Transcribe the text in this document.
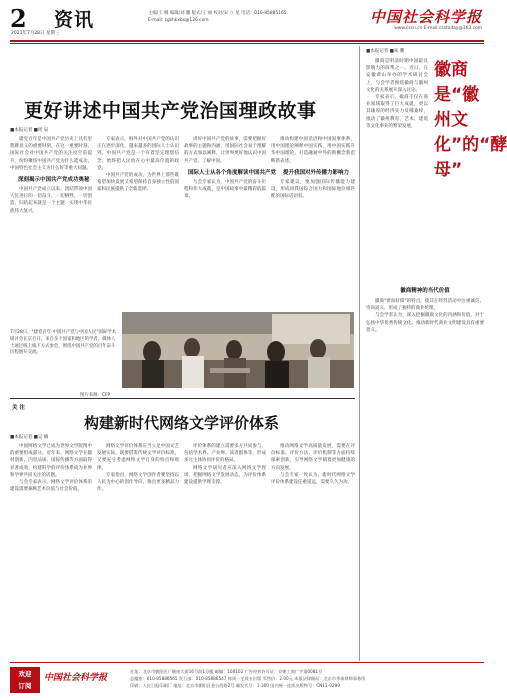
2
2021年7月28日 星期三
资讯	主编/王 娜 编辑/刘 鹏 版式/王 丽 校对/宋 立 星 电话：010-85885165
E-mail: zgshkxbs@126.com	中国社会科学报
www.cssn.cn E-mail:csstoday@163.com
更好讲述中国共产党治国理政故事
■本报记者 ■周 辰

建党百年是中国共产党历史上具有里程碑意义的重要时刻。在这一重要时刻，国际社会对中国共产党的关注度空前提升，纷纷聚焦中国共产党为什么能成功、中国特色社会主义为什么好等重大问题。

深刻揭示中国共产党成功奥秘

中国共产党成立以来，团结带领中国人民进行的一切奋斗、一切牺牲、一切创造，归结起来就是一个主题：实现中华民族伟大复兴。

专家表示，海外对中国共产党的认识正在逐步深化。越来越多的国际人士认识到，中国共产党是一个有着坚定理想信念、始终把人民放在心中最高位置的政党。

中国共产党的成功，为世界上那些既希望加快发展又希望保持自身独立性的国家和民族提供了全新选择。

讲好中国共产党的故事，需要把握好故事的主题和内涵，用国际社会易于理解的方式加以阐释，让世界更好地认识中国共产党、了解中国。

国际人士从各个角度解读中国共产党

与会专家认为，中国共产党的奋斗历程和伟大成就，是中国故事中最精彩的篇章。

推动构建中国话语和中国叙事体系，用中国理论阐释中国实践，用中国实践升华中国理论，打造融通中外的新概念新范畴新表述。

提升我国对外传播力影响力

专家建议，要加强国际传播能力建设，形成同我国综合国力和国际地位相匹配的国际话语权。

7月28日，"建党百年·中国共产党与中国人民"国际学术研讨会在京召开。来自多个国家和地区的学者、媒体人士通过线上线下方式参会，围绕中国共产党的百年奋斗历程展开交流。
图片来源：CFP
关 注
构建新时代网络文学评价体系
■本报记者 ■吴 楠

中国网络文学已成为世界文学版图中的重要组成部分。近年来，网络文学在题材创新、内容品质、国际传播等方面取得显著成效，构建科学的评价体系成为业界和学界共同关注的话题。

与会专家表示，网络文学评价体系的建设需要兼顾艺术价值与社会价值。

网络文学评价体系应当立足中国文艺发展实际，既要借鉴传统文学评价标准，又要充分考虑网络文学自身的特点和规律。

专家指出，网络文学创作者要坚持以人民为中心的创作导向，推出更多精品力作。

评价体系的建立需要多方共同参与，包括学术界、产业界、读者群体等，形成多元主体协同评价的格局。

网络文学研究者应深入网络文学现场，把握网络文学发展动态，为评价体系建设提供学理支撑。

推动网络文学高质量发展，需要在评价标准、评价方法、评价机制等方面持续探索创新，引导网络文学朝着更加健康的方向发展。

与会专家一致认为，新时代网络文学评价体系建设任重道远，需要久久为功。

■本报记者 ■朱 鹏
徽商是“徽州文化”的“酵母”

徽商是明清时期中国最具影响力的商帮之一。近日，在安徽黄山举办的学术研讨会上，与会学者围绕徽商与徽州文化的关系展开深入讨论。

专家表示，徽商不仅在商业领域取得了巨大成就，更以其雄厚的经济实力反哺桑梓，推动了徽州教育、艺术、建筑等文化事业的繁荣发展。

徽商精神的当代价值

徽商"贾而好儒"的特点，使其在经营活动中注重诚信、崇尚道义，形成了独特的商业伦理。

与会学者认为，深入挖掘徽商文化的内涵和价值，对于弘扬中华优秀传统文化、推动新时代商业文明建设具有重要意义。

欢迎
订阅
中国社会科学报
社址：北京市朝阳区广顺南大街16号院1号楼 邮编：100102 广告经营许可证：京朝工商广字第0081号
总编室：010-85886565 发行部：010-85886547 每周一至周五出版 零售价：2.00元 本报法律顾问：北京市华泰律师事务所
印刷：人民日报印刷厂 地址：北京市朝阳区金台西路2号 邮发代号：1-300 国内统一连续出版物号：CN11-0299
